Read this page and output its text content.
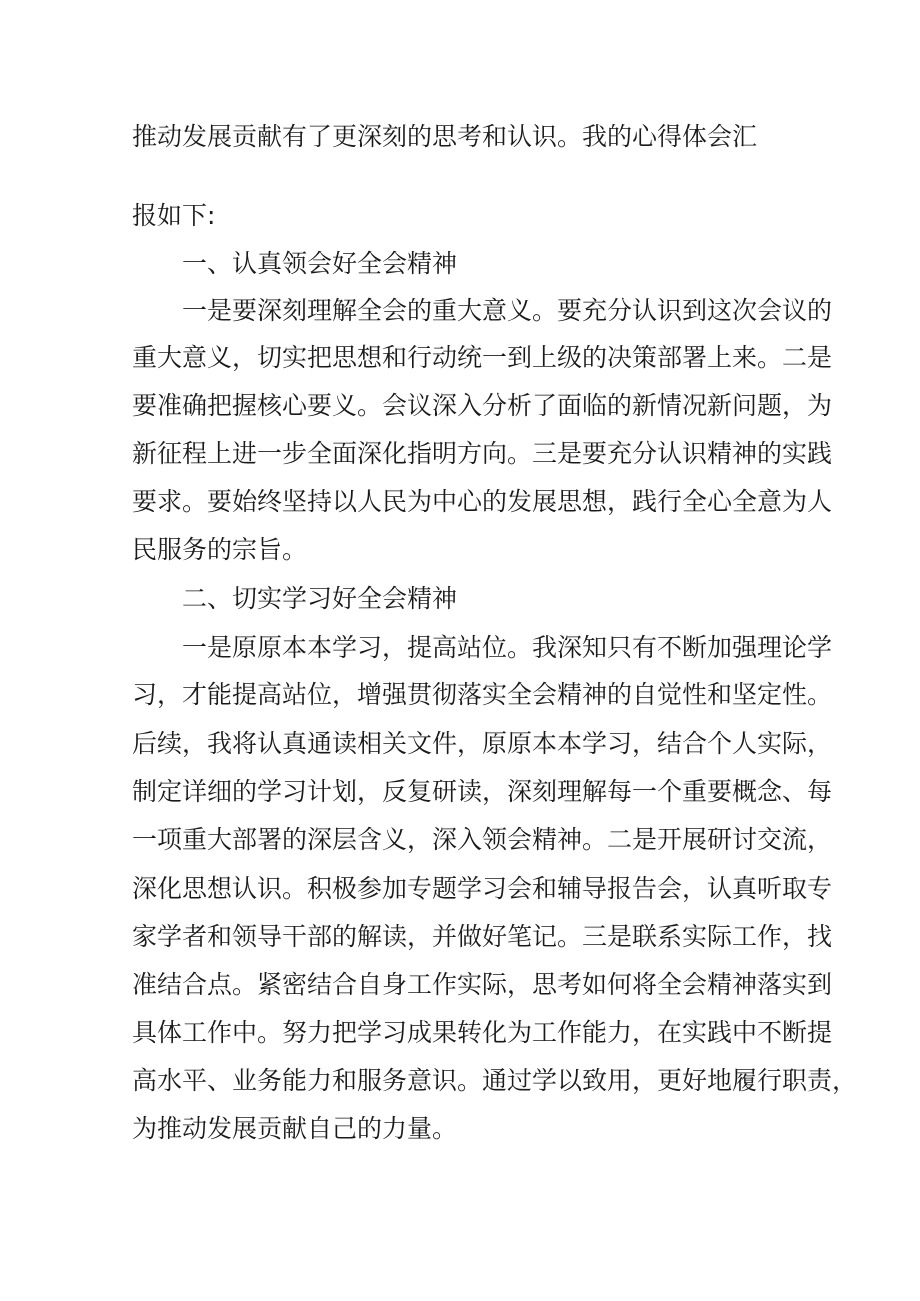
推动发展贡献有了更深刻的思考和认识。我的心得体会汇
报如下:
一、认真领会好全会精神
一是要深刻理解全会的重大意义。要充分认识到这次会议的
重大意义，切实把思想和行动统一到上级的决策部署上来。二是
要准确把握核心要义。会议深入分析了面临的新情况新问题，为
新征程上进一步全面深化指明方向。三是要充分认识精神的实践
要求。要始终坚持以人民为中心的发展思想，践行全心全意为人
民服务的宗旨。
二、切实学习好全会精神
一是原原本本学习，提高站位。我深知只有不断加强理论学
习，才能提高站位，增强贯彻落实全会精神的自觉性和坚定性。
后续，我将认真通读相关文件，原原本本学习，结合个人实际，
制定详细的学习计划，反复研读，深刻理解每一个重要概念、每
一项重大部署的深层含义，深入领会精神。二是开展研讨交流，
深化思想认识。积极参加专题学习会和辅导报告会，认真听取专
家学者和领导干部的解读，并做好笔记。三是联系实际工作，找
准结合点。紧密结合自身工作实际，思考如何将全会精神落实到
具体工作中。努力把学习成果转化为工作能力，在实践中不断提
高水平、业务能力和服务意识。通过学以致用，更好地履行职责，
为推动发展贡献自己的力量。
